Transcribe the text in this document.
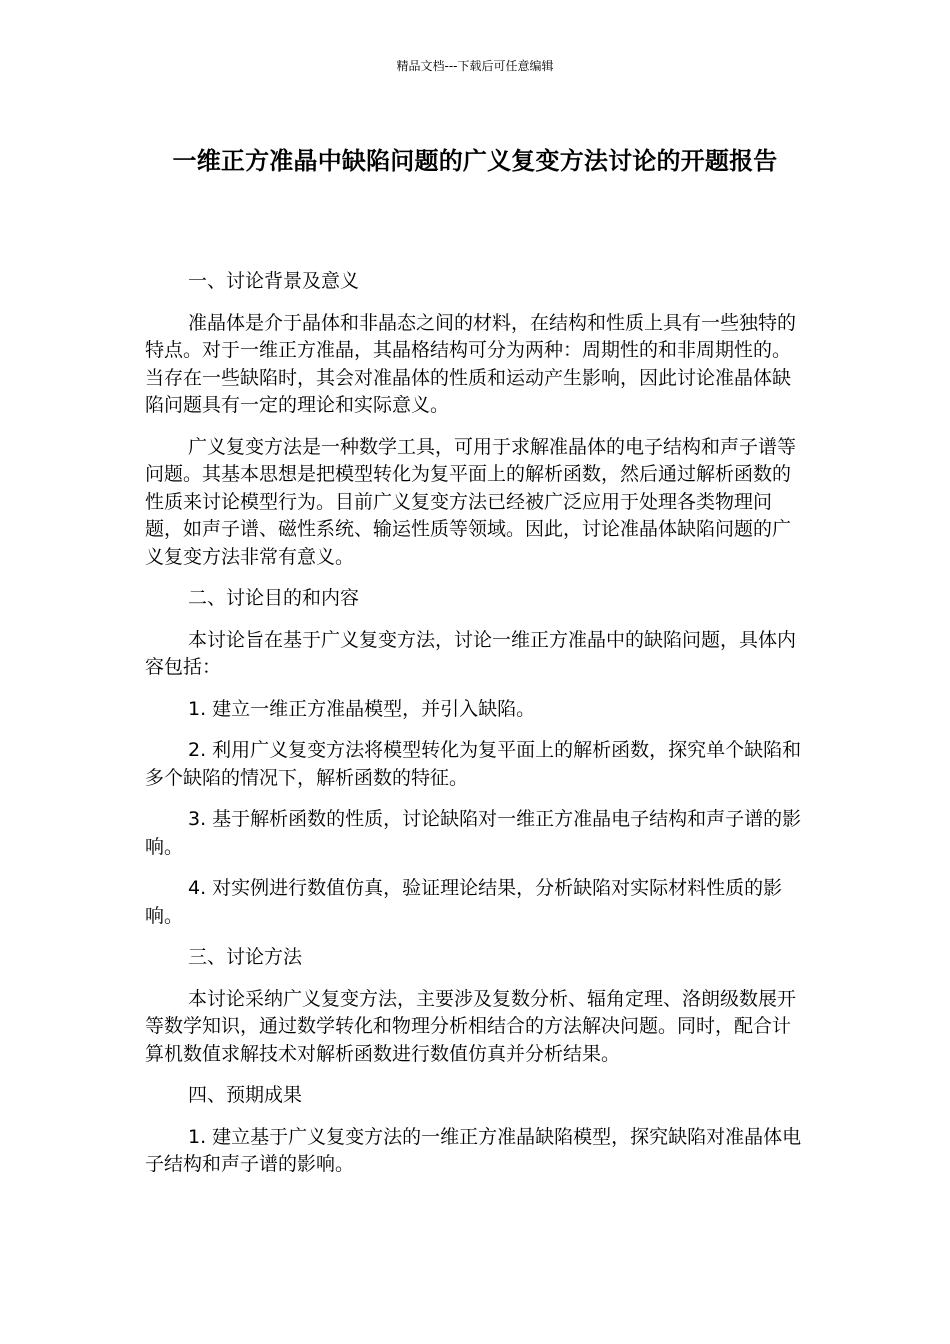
精品文档---下载后可任意编辑
一维正方准晶中缺陷问题的广义复变方法讨论的开题报告

一、讨论背景及意义

准晶体是介于晶体和非晶态之间的材料，在结构和性质上具有一些独特的特点。对于一维正方准晶，其晶格结构可分为两种：周期性的和非周期性的。当存在一些缺陷时，其会对准晶体的性质和运动产生影响，因此讨论准晶体缺陷问题具有一定的理论和实际意义。

广义复变方法是一种数学工具，可用于求解准晶体的电子结构和声子谱等问题。其基本思想是把模型转化为复平面上的解析函数，然后通过解析函数的性质来讨论模型行为。目前广义复变方法已经被广泛应用于处理各类物理问题，如声子谱、磁性系统、输运性质等领域。因此，讨论准晶体缺陷问题的广义复变方法非常有意义。

二、讨论目的和内容

本讨论旨在基于广义复变方法，讨论一维正方准晶中的缺陷问题，具体内容包括：

1. 建立一维正方准晶模型，并引入缺陷。

2. 利用广义复变方法将模型转化为复平面上的解析函数，探究单个缺陷和多个缺陷的情况下，解析函数的特征。

3. 基于解析函数的性质，讨论缺陷对一维正方准晶电子结构和声子谱的影响。

4. 对实例进行数值仿真，验证理论结果，分析缺陷对实际材料性质的影响。

三、讨论方法

本讨论采纳广义复变方法，主要涉及复数分析、辐角定理、洛朗级数展开等数学知识，通过数学转化和物理分析相结合的方法解决问题。同时，配合计算机数值求解技术对解析函数进行数值仿真并分析结果。

四、预期成果

1. 建立基于广义复变方法的一维正方准晶缺陷模型，探究缺陷对准晶体电子结构和声子谱的影响。
